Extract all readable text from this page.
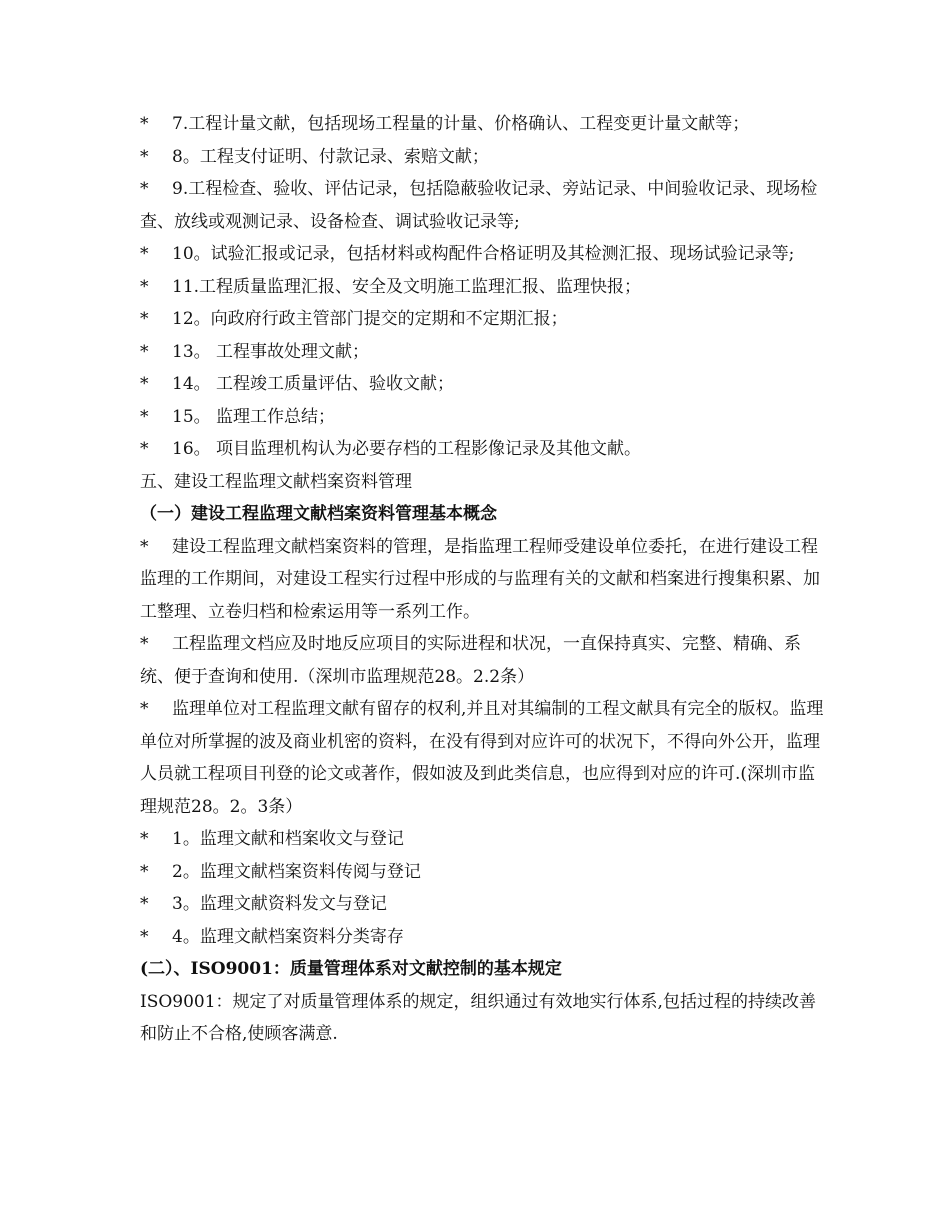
* 7.工程计量文献，包括现场工程量的计量、价格确认、工程变更计量文献等；
* 8。工程支付证明、付款记录、索赔文献；
* 9.工程检查、验收、评估记录，包括隐蔽验收记录、旁站记录、中间验收记录、现场检查、放线或观测记录、设备检查、调试验收记录等;
* 10。试验汇报或记录，包括材料或构配件合格证明及其检测汇报、现场试验记录等;
* 11.工程质量监理汇报、安全及文明施工监理汇报、监理快报；
* 12。向政府行政主管部门提交的定期和不定期汇报；
* 13。 工程事故处理文献；
* 14。 工程竣工质量评估、验收文献；
* 15。 监理工作总结；
* 16。 项目监理机构认为必要存档的工程影像记录及其他文献。
五、建设工程监理文献档案资料管理
（一）建设工程监理文献档案资料管理基本概念
* 建设工程监理文献档案资料的管理，是指监理工程师受建设单位委托，在进行建设工程监理的工作期间，对建设工程实行过程中形成的与监理有关的文献和档案进行搜集积累、加工整理、立卷归档和检索运用等一系列工作。
* 工程监理文档应及时地反应项目的实际进程和状况，一直保持真实、完整、精确、系统、便于查询和使用.（深圳市监理规范28。2.2条）
* 监理单位对工程监理文献有留存的权利,并且对其编制的工程文献具有完全的版权。监理单位对所掌握的波及商业机密的资料，在没有得到对应许可的状况下，不得向外公开，监理人员就工程项目刊登的论文或著作，假如波及到此类信息，也应得到对应的许可.(深圳市监理规范28。2。3条）
* 1。监理文献和档案收文与登记
* 2。监理文献档案资料传阅与登记
* 3。监理文献资料发文与登记
* 4。监理文献档案资料分类寄存
(二）、ISO9001：质量管理体系对文献控制的基本规定
ISO9001：规定了对质量管理体系的规定，组织通过有效地实行体系,包括过程的持续改善和防止不合格,使顾客满意.
